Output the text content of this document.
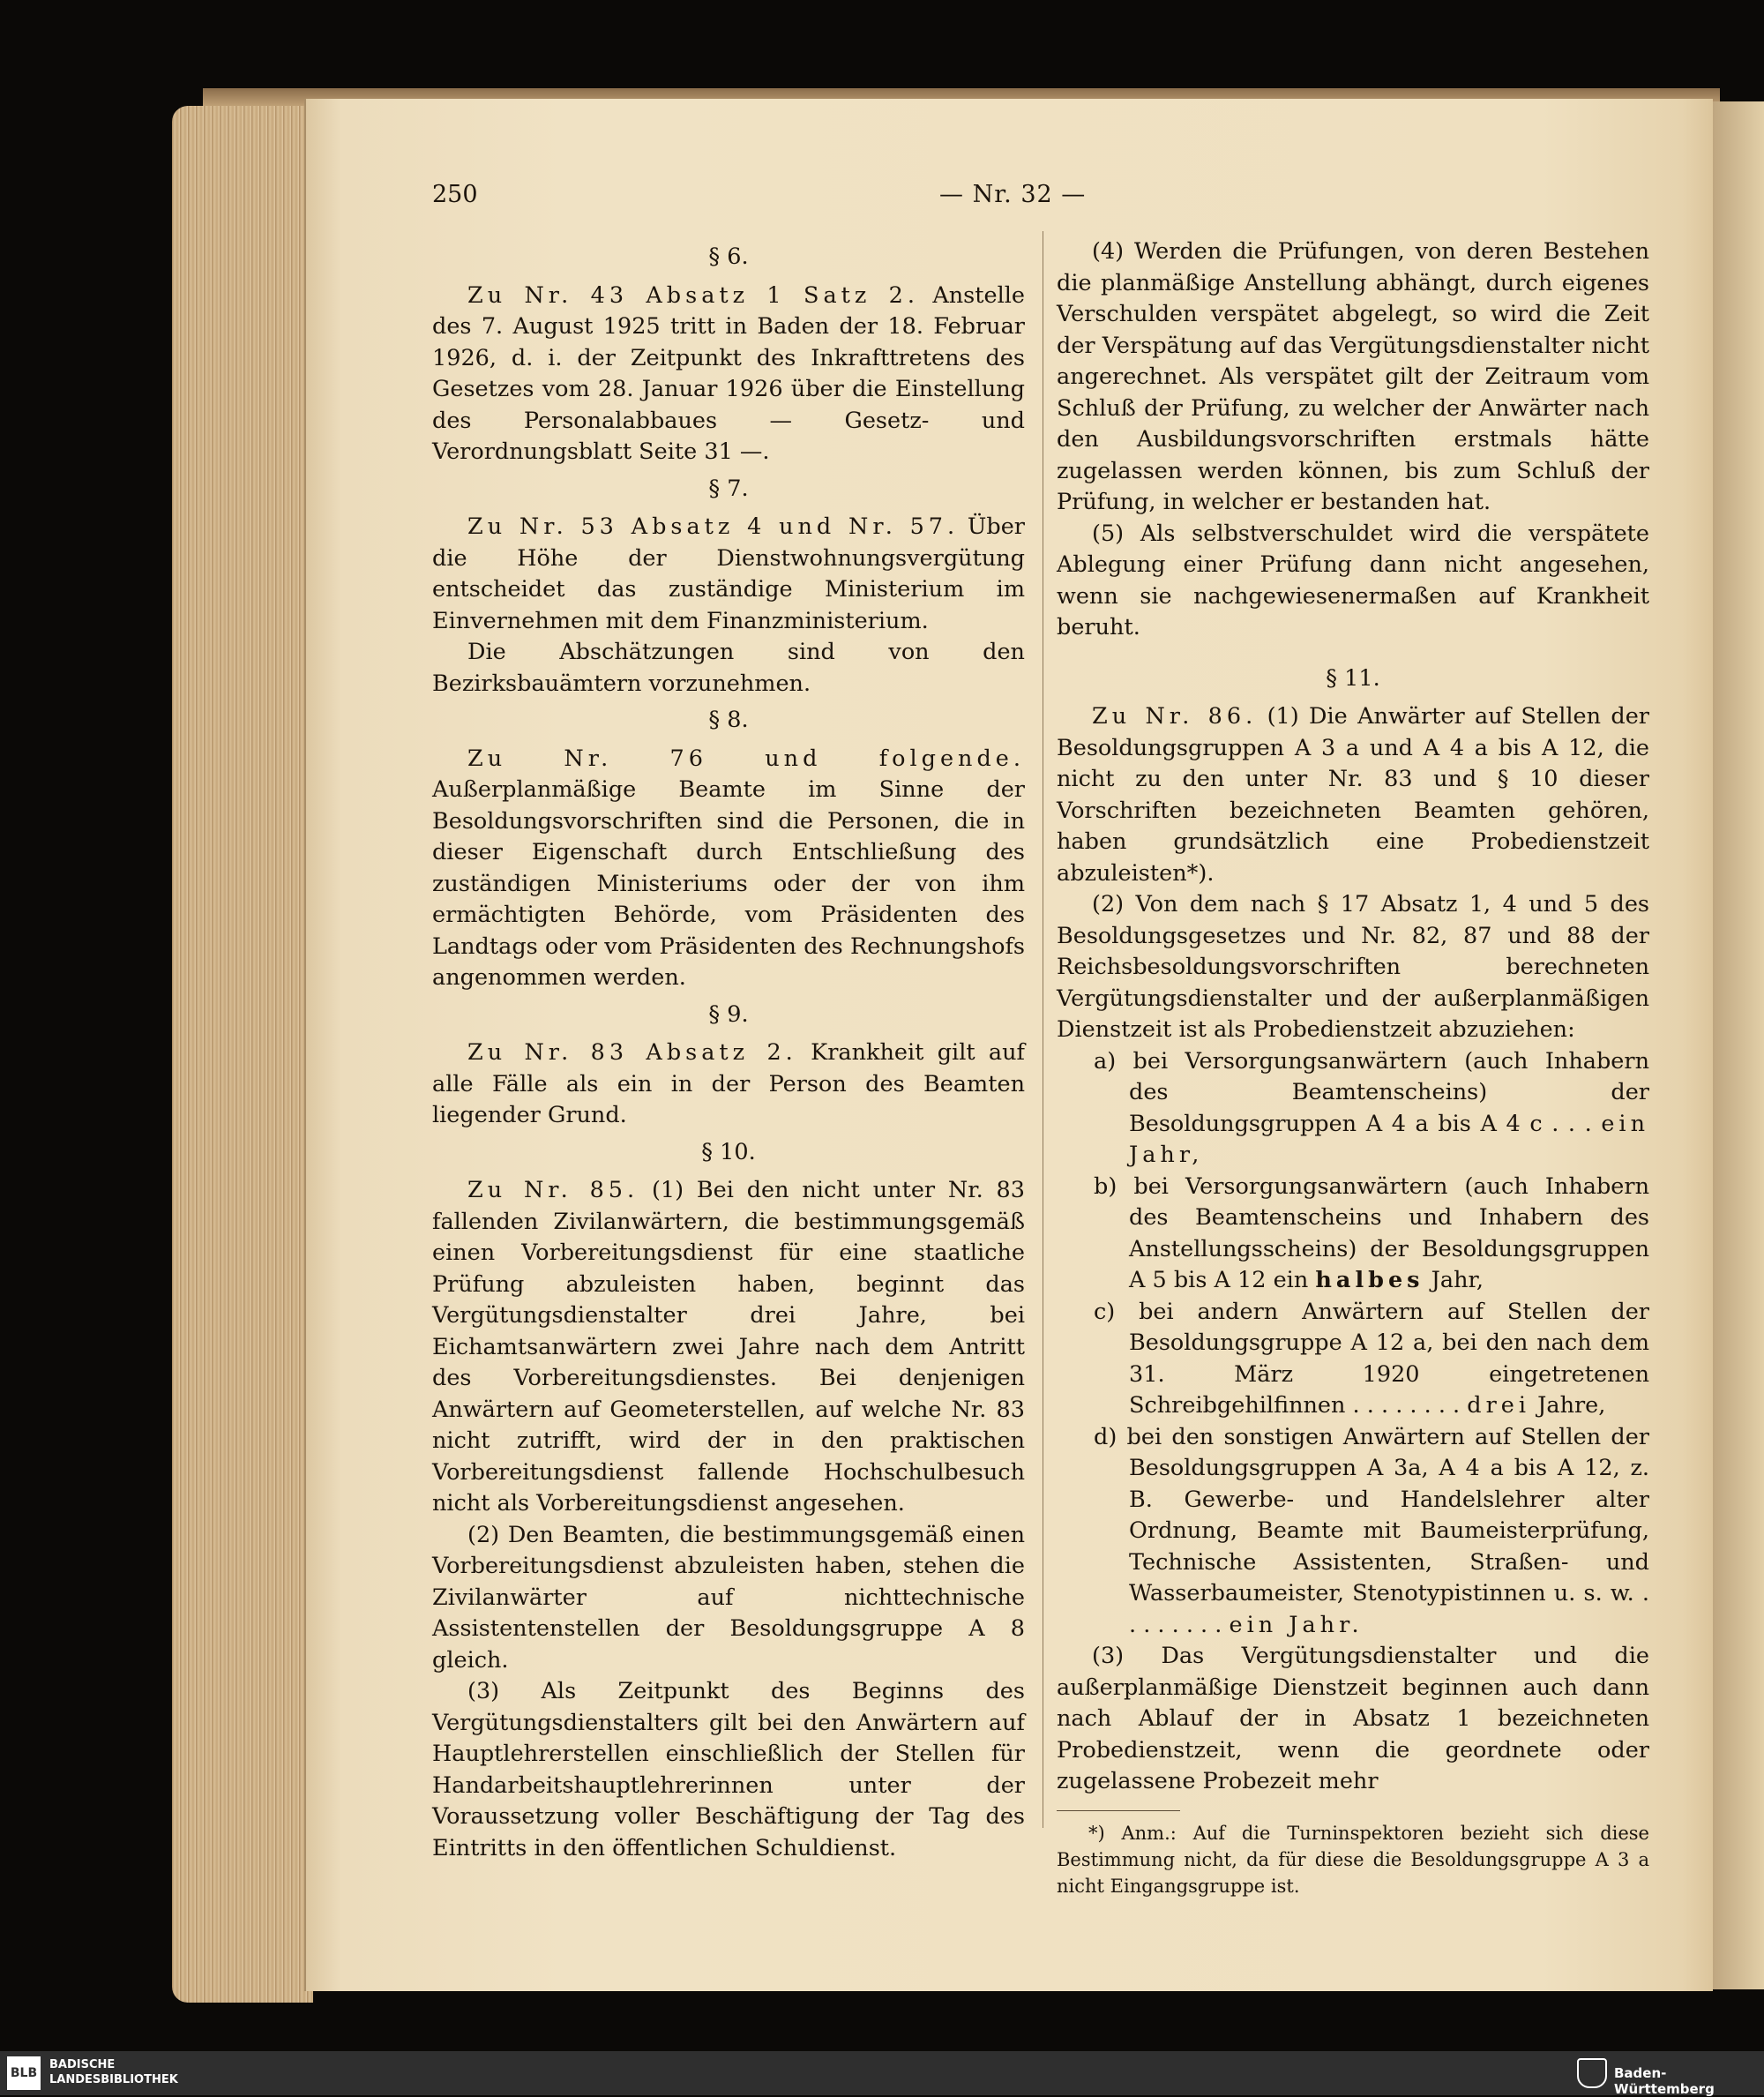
250	— Nr. 32 —

§ 6.

Zu Nr. 43 Absatz 1 Satz 2. Anstelle des 7. August 1925 tritt in Baden der 18. Februar 1926, d. i. der Zeitpunkt des Inkrafttretens des Gesetzes vom 28. Januar 1926 über die Einstellung des Personalabbaues — Gesetz- und Verordnungsblatt Seite 31 —.

§ 7.

Zu Nr. 53 Absatz 4 und Nr. 57. Über die Höhe der Dienstwohnungsvergütung entscheidet das zuständige Ministerium im Einvernehmen mit dem Finanzministerium.

Die Abschätzungen sind von den Bezirksbauämtern vorzunehmen.

§ 8.

Zu Nr. 76 und folgende. Außerplanmäßige Beamte im Sinne der Besoldungsvorschriften sind die Personen, die in dieser Eigenschaft durch Entschließung des zuständigen Ministeriums oder der von ihm ermächtigten Behörde, vom Präsidenten des Landtags oder vom Präsidenten des Rechnungshofs angenommen werden.

§ 9.

Zu Nr. 83 Absatz 2. Krankheit gilt auf alle Fälle als ein in der Person des Beamten liegender Grund.

§ 10.

Zu Nr. 85. (1) Bei den nicht unter Nr. 83 fallenden Zivilanwärtern, die bestimmungsgemäß einen Vorbereitungsdienst für eine staatliche Prüfung abzuleisten haben, beginnt das Vergütungsdienstalter drei Jahre, bei Eichamtsanwärtern zwei Jahre nach dem Antritt des Vorbereitungsdienstes. Bei denjenigen Anwärtern auf Geometerstellen, auf welche Nr. 83 nicht zutrifft, wird der in den praktischen Vorbereitungsdienst fallende Hochschulbesuch nicht als Vorbereitungsdienst angesehen.

(2) Den Beamten, die bestimmungsgemäß einen Vorbereitungsdienst abzuleisten haben, stehen die Zivilanwärter auf nichttechnische Assistentenstellen der Besoldungsgruppe A 8 gleich.

(3) Als Zeitpunkt des Beginns des Vergütungsdienstalters gilt bei den Anwärtern auf Hauptlehrerstellen einschließlich der Stellen für Handarbeitshauptlehrerinnen unter der Voraussetzung voller Beschäftigung der Tag des Eintritts in den öffentlichen Schuldienst.

(4) Werden die Prüfungen, von deren Bestehen die planmäßige Anstellung abhängt, durch eigenes Verschulden verspätet abgelegt, so wird die Zeit der Verspätung auf das Vergütungsdienstalter nicht angerechnet. Als verspätet gilt der Zeitraum vom Schluß der Prüfung, zu welcher der Anwärter nach den Ausbildungsvorschriften erstmals hätte zugelassen werden können, bis zum Schluß der Prüfung, in welcher er bestanden hat.

(5) Als selbstverschuldet wird die verspätete Ablegung einer Prüfung dann nicht angesehen, wenn sie nachgewiesenermaßen auf Krankheit beruht.

§ 11.

Zu Nr. 86. (1) Die Anwärter auf Stellen der Besoldungsgruppen A 3 a und A 4 a bis A 12, die nicht zu den unter Nr. 83 und § 10 dieser Vorschriften bezeichneten Beamten gehören, haben grundsätzlich eine Probedienstzeit abzuleisten*).

(2) Von dem nach § 17 Absatz 1, 4 und 5 des Besoldungsgesetzes und Nr. 82, 87 und 88 der Reichsbesoldungsvorschriften berechneten Vergütungsdienstalter und der außerplanmäßigen Dienstzeit ist als Probedienstzeit abzuziehen:

a) bei Versorgungsanwärtern (auch Inhabern des Beamtenscheins) der Besoldungsgruppen A 4 a bis A 4 c . . . ein Jahr,

b) bei Versorgungsanwärtern (auch Inhabern des Beamtenscheins und Inhabern des Anstellungsscheins) der Besoldungsgruppen A 5 bis A 12 ein halbes Jahr,

c) bei andern Anwärtern auf Stellen der Besoldungsgruppe A 12 a, bei den nach dem 31. März 1920 eingetretenen Schreibgehilfinnen . . . . . . . . drei Jahre,

d) bei den sonstigen Anwärtern auf Stellen der Besoldungsgruppen A 3a, A 4 a bis A 12, z. B. Gewerbe- und Handelslehrer alter Ordnung, Beamte mit Baumeisterprüfung, Technische Assistenten, Straßen- und Wasserbaumeister, Stenotypistinnen u. s. w. . . . . . . . . ein Jahr.

(3) Das Vergütungsdienstalter und die außerplanmäßige Dienstzeit beginnen auch dann nach Ablauf der in Absatz 1 bezeichneten Probedienstzeit, wenn die geordnete oder zugelassene Probezeit mehr

*) Anm.: Auf die Turninspektoren bezieht sich diese Bestimmung nicht, da für diese die Besoldungsgruppe A 3 a nicht Eingangsgruppe ist.

BLB
BADISCHE
LANDESBIBLIOTHEK	Baden-Württemberg
